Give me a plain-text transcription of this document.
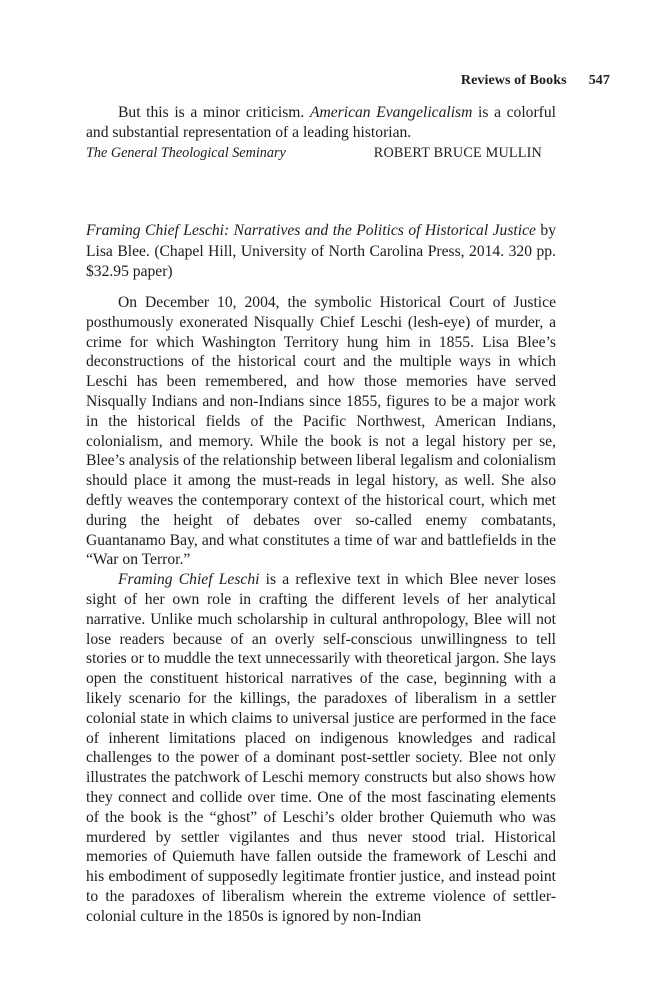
Reviews of Books 547

But this is a minor criticism. American Evangelicalism is a colorful and substantial representation of a leading historian.

The General Theological Seminary	ROBERT BRUCE MULLIN

Framing Chief Leschi: Narratives and the Politics of Historical Justice by Lisa Blee. (Chapel Hill, University of North Carolina Press, 2014. 320 pp. $32.95 paper)

On December 10, 2004, the symbolic Historical Court of Justice posthumously exonerated Nisqually Chief Leschi (lesh-eye) of murder, a crime for which Washington Territory hung him in 1855. Lisa Blee’s deconstructions of the historical court and the multiple ways in which Leschi has been remembered, and how those memories have served Nisqually Indians and non-Indians since 1855, figures to be a major work in the historical fields of the Pacific Northwest, American Indians, colonialism, and memory. While the book is not a legal history per se, Blee’s analysis of the relationship between liberal legalism and colonialism should place it among the must-reads in legal history, as well. She also deftly weaves the contemporary context of the historical court, which met during the height of debates over so-called enemy combatants, Guantanamo Bay, and what constitutes a time of war and battlefields in the “War on Terror.”

Framing Chief Leschi is a reflexive text in which Blee never loses sight of her own role in crafting the different levels of her analytical narrative. Unlike much scholarship in cultural anthropology, Blee will not lose readers because of an overly self-conscious unwillingness to tell stories or to muddle the text unnecessarily with theoretical jargon. She lays open the constituent historical narratives of the case, beginning with a likely scenario for the killings, the paradoxes of liberalism in a settler colonial state in which claims to universal justice are performed in the face of inherent limitations placed on indigenous knowledges and radical challenges to the power of a dominant post-settler society. Blee not only illustrates the patchwork of Leschi memory constructs but also shows how they connect and collide over time. One of the most fascinating elements of the book is the “ghost” of Leschi’s older brother Quiemuth who was murdered by settler vigilantes and thus never stood trial. Historical memories of Quiemuth have fallen outside the framework of Leschi and his embodiment of supposedly legitimate frontier justice, and instead point to the paradoxes of liberalism wherein the extreme violence of settler-colonial culture in the 1850s is ignored by non-Indian
